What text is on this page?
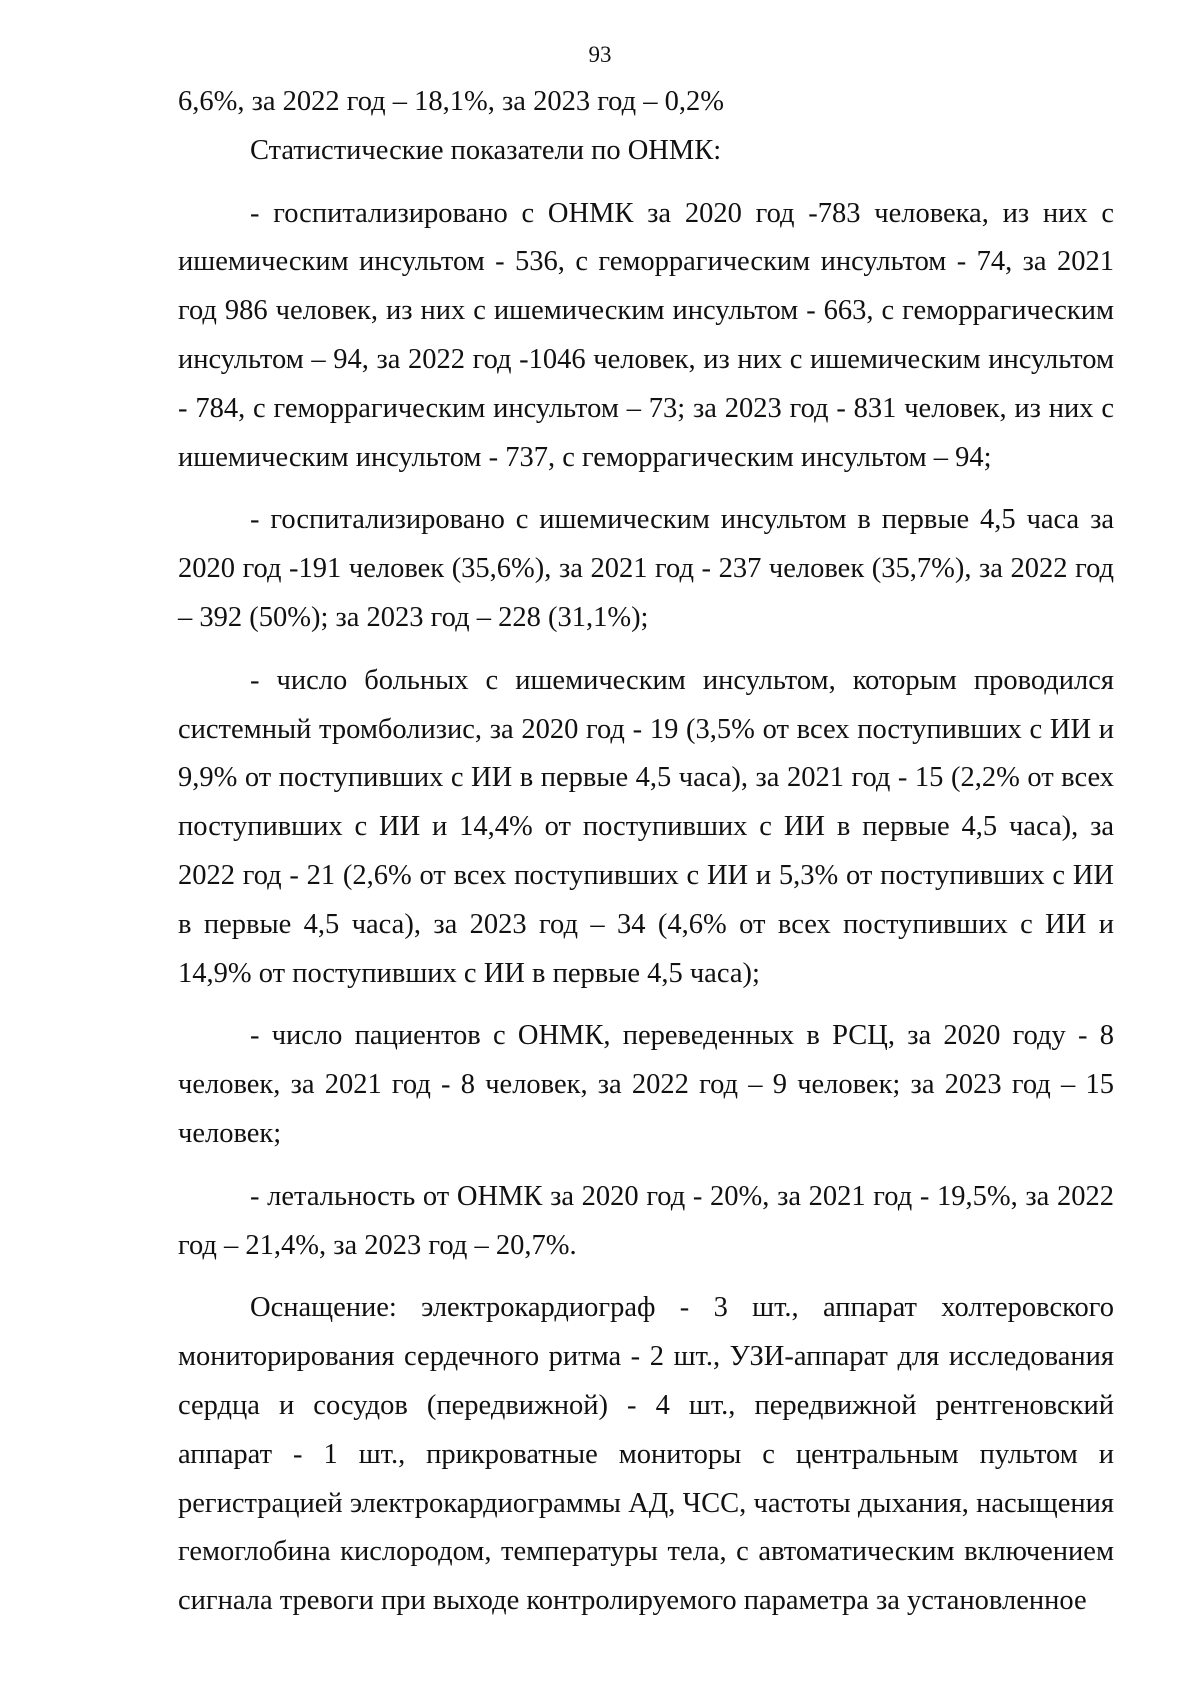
93

6,6%, за 2022 год – 18,1%, за 2023 год – 0,2%

Статистические показатели по ОНМК:

- госпитализировано с ОНМК за 2020 год -783 человека, из них с ишемическим инсультом - 536, с геморрагическим инсультом - 74, за 2021 год 986 человек, из них с ишемическим инсультом - 663, с геморрагическим инсультом – 94, за 2022 год -1046 человек, из них с ишемическим инсультом - 784, с геморрагическим инсультом – 73; за 2023 год - 831 человек, из них с ишемическим инсультом - 737, с геморрагическим инсультом – 94;

- госпитализировано с ишемическим инсультом в первые 4,5 часа за 2020 год -191 человек (35,6%), за 2021 год - 237 человек (35,7%), за 2022 год – 392 (50%); за 2023 год – 228 (31,1%);

- число больных с ишемическим инсультом, которым проводился системный тромболизис, за 2020 год - 19 (3,5% от всех поступивших с ИИ и 9,9% от поступивших с ИИ в первые 4,5 часа), за 2021 год - 15 (2,2% от всех поступивших с ИИ и 14,4% от поступивших с ИИ в первые 4,5 часа), за 2022 год - 21 (2,6% от всех поступивших с ИИ и 5,3% от поступивших с ИИ в первые 4,5 часа), за 2023 год – 34 (4,6% от всех поступивших с ИИ и 14,9% от поступивших с ИИ в первые 4,5 часа);

- число пациентов с ОНМК, переведенных в РСЦ, за 2020 году - 8 человек, за 2021 год - 8 человек, за 2022 год – 9 человек; за 2023 год – 15 человек;

- летальность от ОНМК за 2020 год - 20%, за 2021 год - 19,5%, за 2022 год – 21,4%, за 2023 год – 20,7%.

Оснащение: электрокардиограф - 3 шт., аппарат холтеровского мониторирования сердечного ритма - 2 шт., УЗИ-аппарат для исследования сердца и сосудов (передвижной) - 4 шт., передвижной рентгеновский аппарат - 1 шт., прикроватные мониторы с центральным пультом и регистрацией электрокардиограммы АД, ЧСС, частоты дыхания, насыщения гемоглобина кислородом, температуры тела, с автоматическим включением сигнала тревоги при выходе контролируемого параметра за установленное
